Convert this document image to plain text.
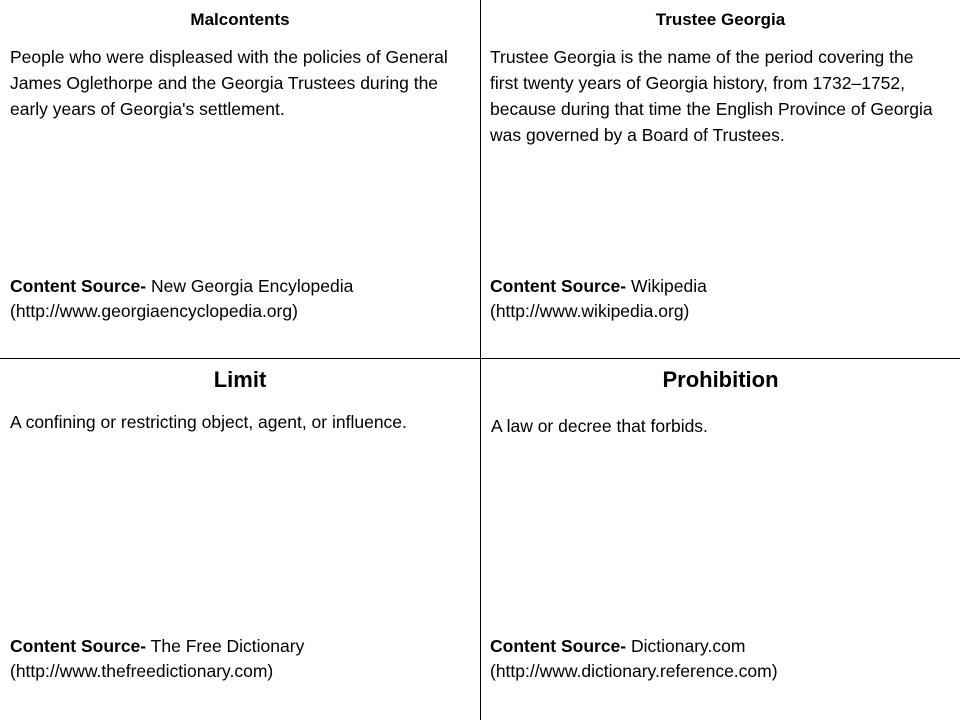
Malcontents
People who were displeased with the policies of General James Oglethorpe and the Georgia Trustees during the early years of Georgia's settlement.
Content Source- New Georgia Encylopedia
(http://www.georgiaencyclopedia.org)
Trustee Georgia
Trustee Georgia is the name of the period covering the first twenty years of Georgia history, from 1732–1752, because during that time the English Province of Georgia was governed by a Board of Trustees.
Content Source- Wikipedia
(http://www.wikipedia.org)
Limit
A confining or restricting object, agent, or influence.
Content Source- The Free Dictionary
(http://www.thefreedictionary.com)
Prohibition
A law or decree that forbids.
Content Source- Dictionary.com
(http://www.dictionary.reference.com)
